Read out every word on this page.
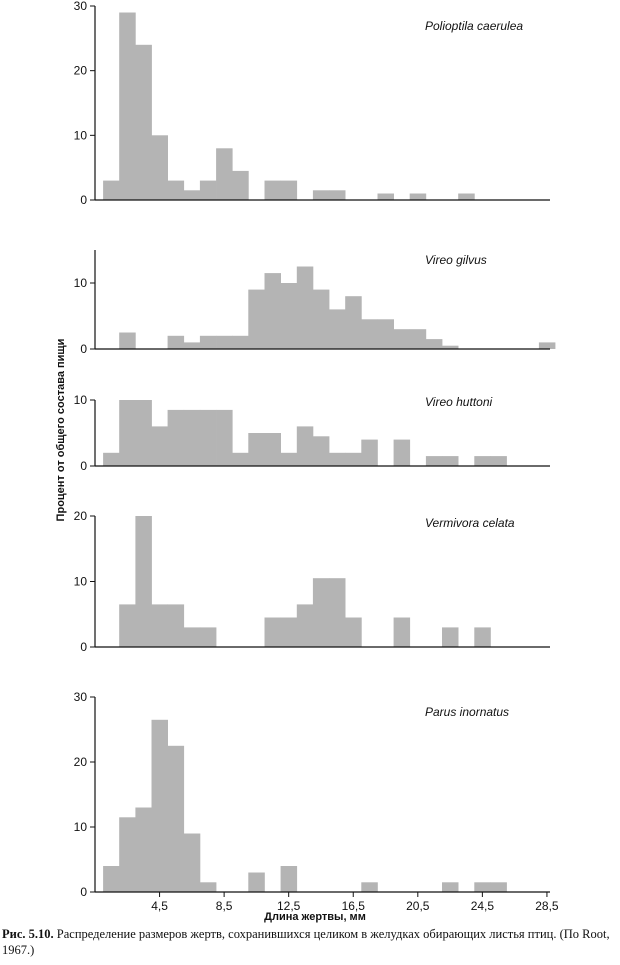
Процент от общего состава пищи
0
10
20
30
Polioptila caerulea
0
10
Vireo gilvus
0
10	Vireo huttoni
0
10
20	Vermivora celata
0
10
20
30
Parus inornatus
4,5	8,5	12,5	16,5	20,5	24,5	28,5
Длина жертвы, мм
Рис. 5.10. Распределение размеров жертв, сохранившихся целиком в желудках обирающих листья птиц. (По Root, 1967.)
